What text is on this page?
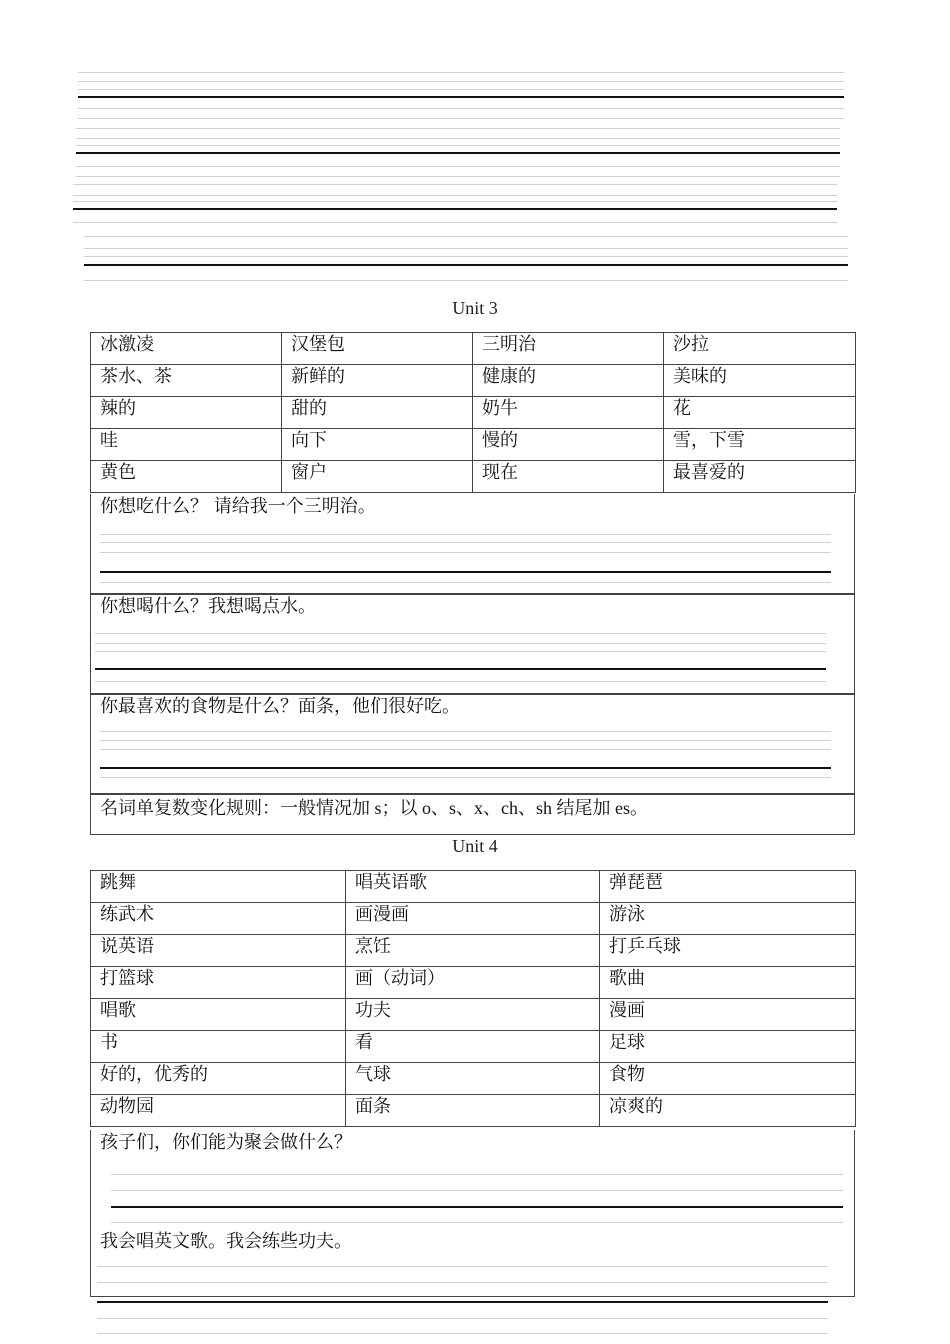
Unit 3
冰激凌	汉堡包	三明治	沙拉
茶水、茶	新鲜的	健康的	美味的
辣的	甜的	奶牛	花
哇	向下	慢的	雪，下雪
黄色	窗户	现在	最喜爱的
你想吃什么？ 请给我一个三明治。
你想喝什么？我想喝点水。
你最喜欢的食物是什么？面条，他们很好吃。
名词单复数变化规则：一般情况加 s；以 o、s、x、ch、sh 结尾加 es。
Unit 4
跳舞	唱英语歌	弹琵琶
练武术	画漫画	游泳
说英语	烹饪	打乒乓球
打篮球	画（动词）	歌曲
唱歌	功夫	漫画
书	看	足球
好的，优秀的	气球	食物
动物园	面条	凉爽的
孩子们，你们能为聚会做什么？
我会唱英文歌。我会练些功夫。
